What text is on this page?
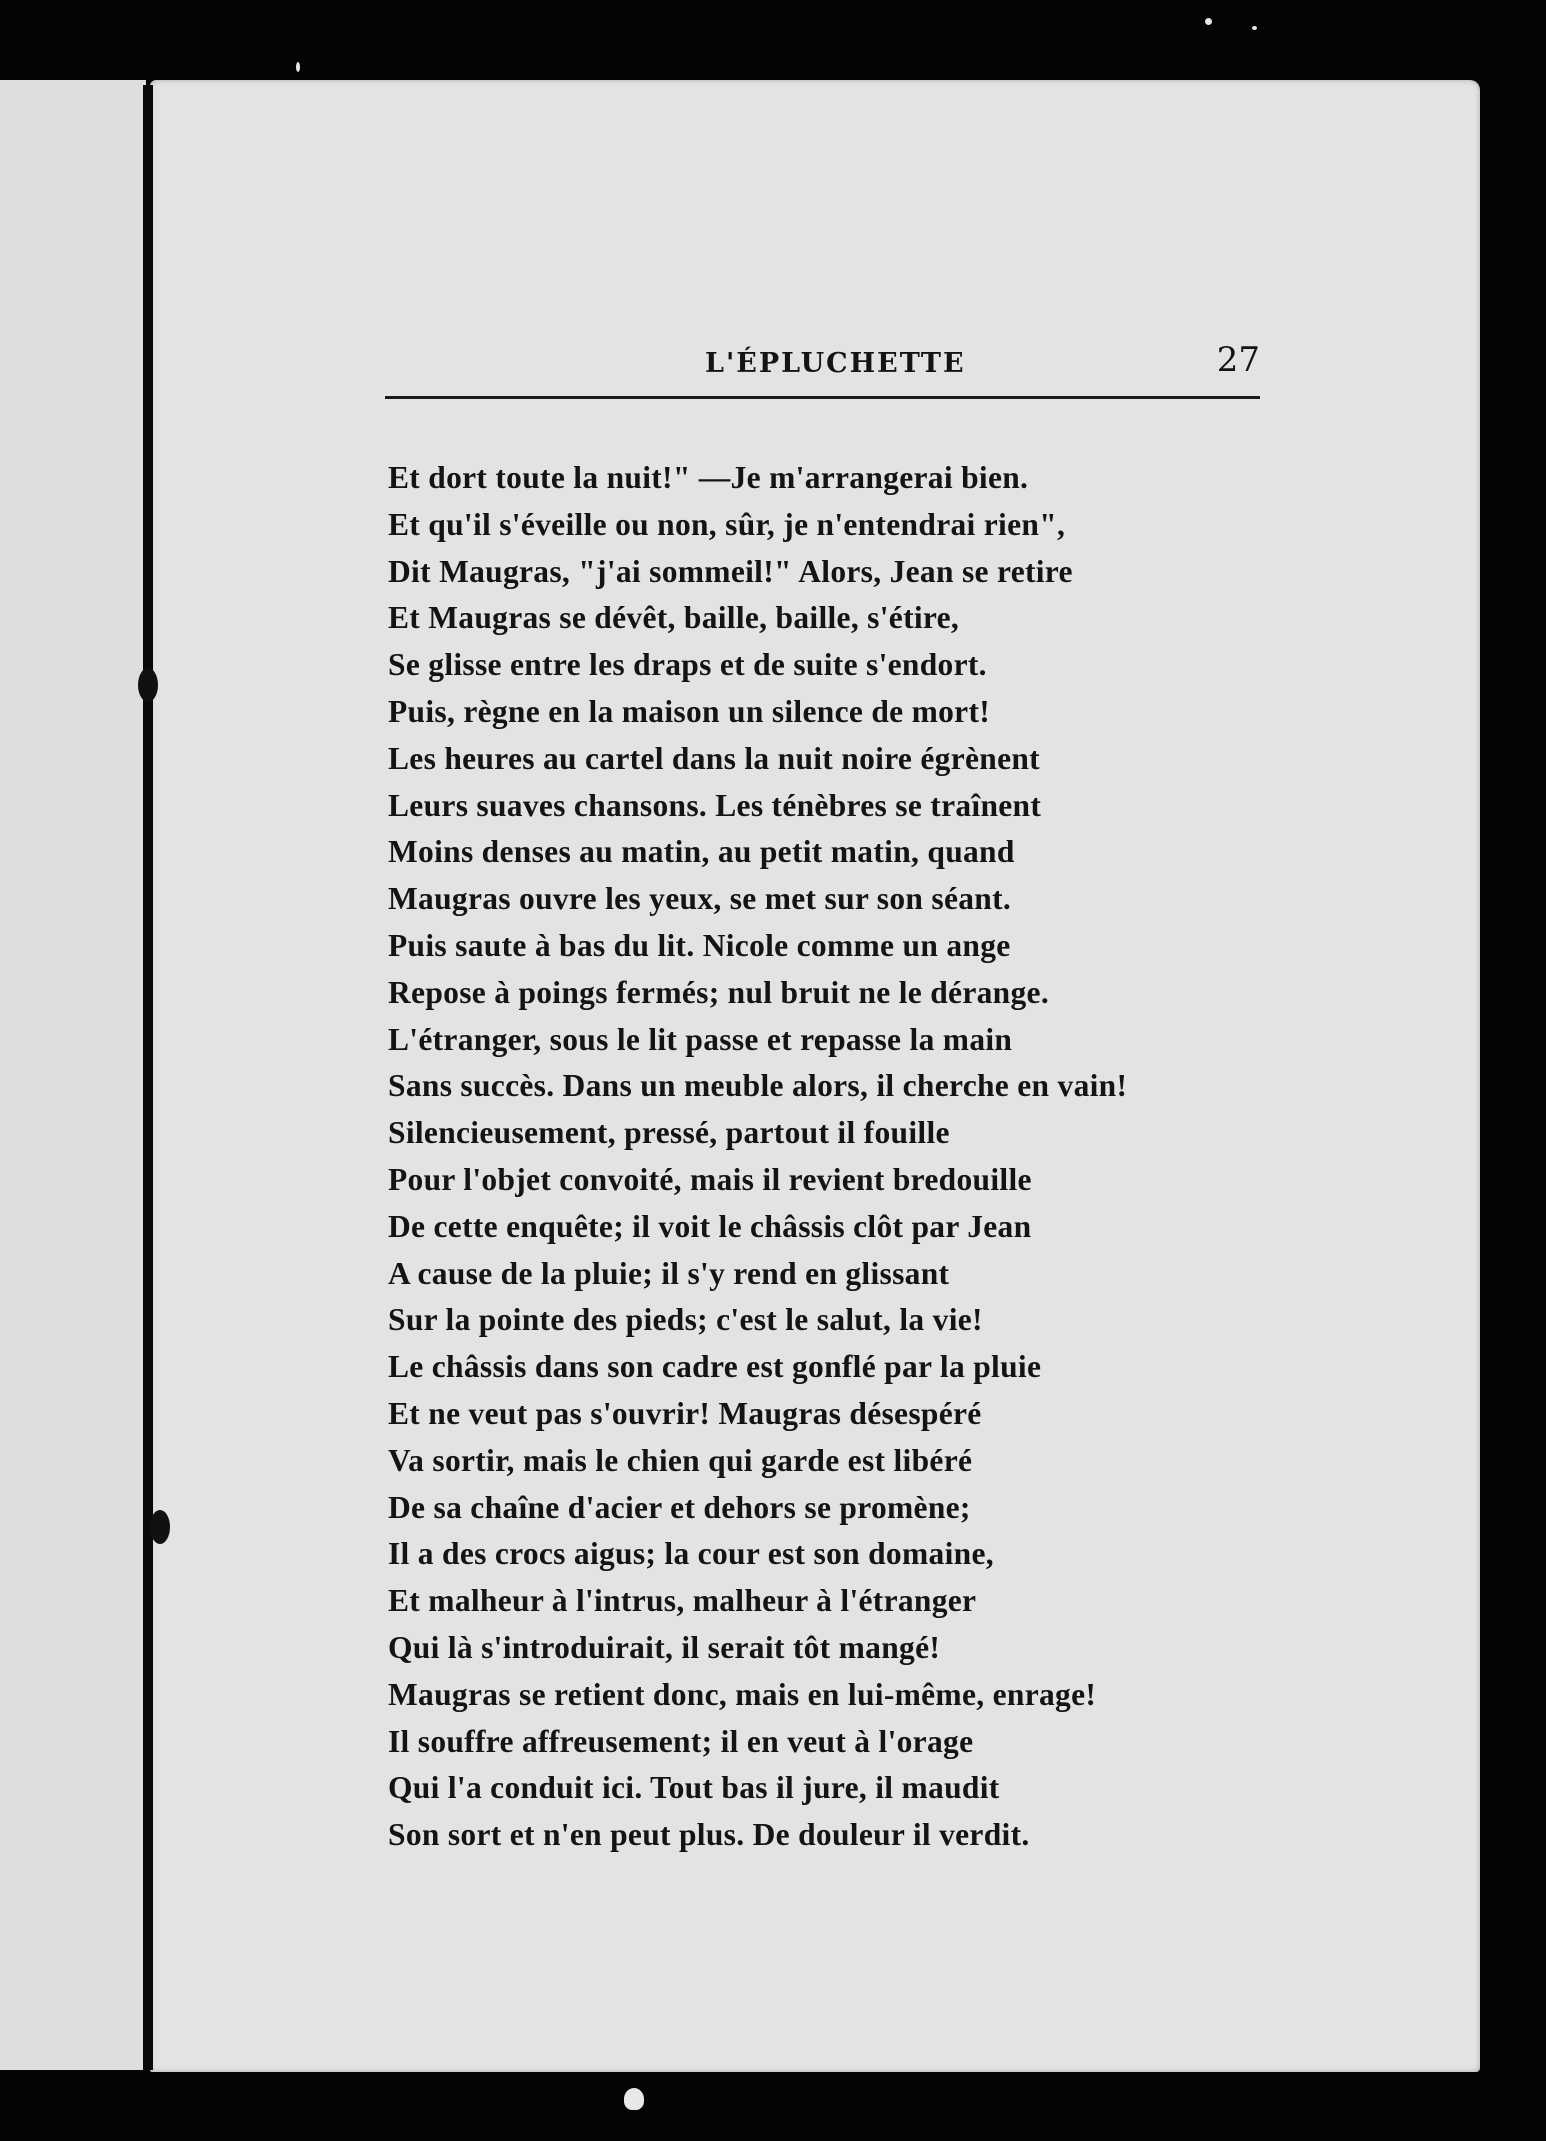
L'ÉPLUCHETTE	27
Et dort toute la nuit!" —Je m'arrangerai bien.
Et qu'il s'éveille ou non, sûr, je n'entendrai rien",
Dit Maugras, "j'ai sommeil!" Alors, Jean se retire
Et Maugras se dévêt, baille, baille, s'étire,
Se glisse entre les draps et de suite s'endort.
Puis, règne en la maison un silence de mort!
Les heures au cartel dans la nuit noire égrènent
Leurs suaves chansons. Les ténèbres se traînent
Moins denses au matin, au petit matin, quand
Maugras ouvre les yeux, se met sur son séant.
Puis saute à bas du lit. Nicole comme un ange
Repose à poings fermés; nul bruit ne le dérange.
L'étranger, sous le lit passe et repasse la main
Sans succès. Dans un meuble alors, il cherche en vain!
Silencieusement, pressé, partout il fouille
Pour l'objet convoité, mais il revient bredouille
De cette enquête; il voit le châssis clôt par Jean
A cause de la pluie; il s'y rend en glissant
Sur la pointe des pieds; c'est le salut, la vie!
Le châssis dans son cadre est gonflé par la pluie
Et ne veut pas s'ouvrir! Maugras désespéré
Va sortir, mais le chien qui garde est libéré
De sa chaîne d'acier et dehors se promène;
Il a des crocs aigus; la cour est son domaine,
Et malheur à l'intrus, malheur à l'étranger
Qui là s'introduirait, il serait tôt mangé!
Maugras se retient donc, mais en lui-même, enrage!
Il souffre affreusement; il en veut à l'orage
Qui l'a conduit ici. Tout bas il jure, il maudit
Son sort et n'en peut plus. De douleur il verdit.
